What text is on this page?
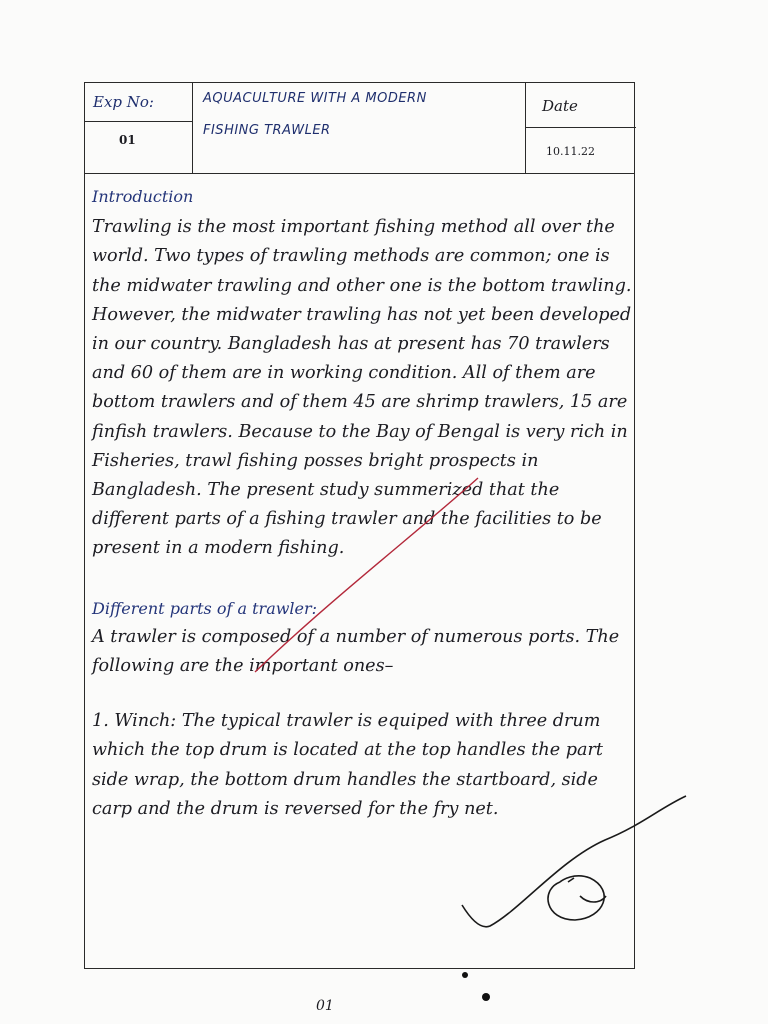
Exp No:
01
AQUACULTURE WITH A MODERN
FISHING TRAWLER
Date
10.11.22
Introduction
Trawling is the most important fishing method all over the world. Two types of trawling methods are common; one is the midwater trawling and other one is the bottom trawling. However, the midwater trawling has not yet been developed in our country. Bangladesh has at present has 70 trawlers and 60 of them are in working condition. All of them are bottom trawlers and of them 45 are shrimp trawlers, 15 are finfish trawlers. Because to the Bay of Bengal is very rich in Fisheries, trawl fishing posses bright prospects in Bangladesh. The present study summerized that the different parts of a fishing trawler and the facilities to be present in a modern fishing.
Different parts of a trawler:
A trawler is composed of a number of numerous ports. The following are the important ones–
1. Winch: The typical trawler is equiped with three drum which the top drum is located at the top handles the part side wrap, the bottom drum handles the startboard, side carp and the drum is reversed for the fry net.
01
